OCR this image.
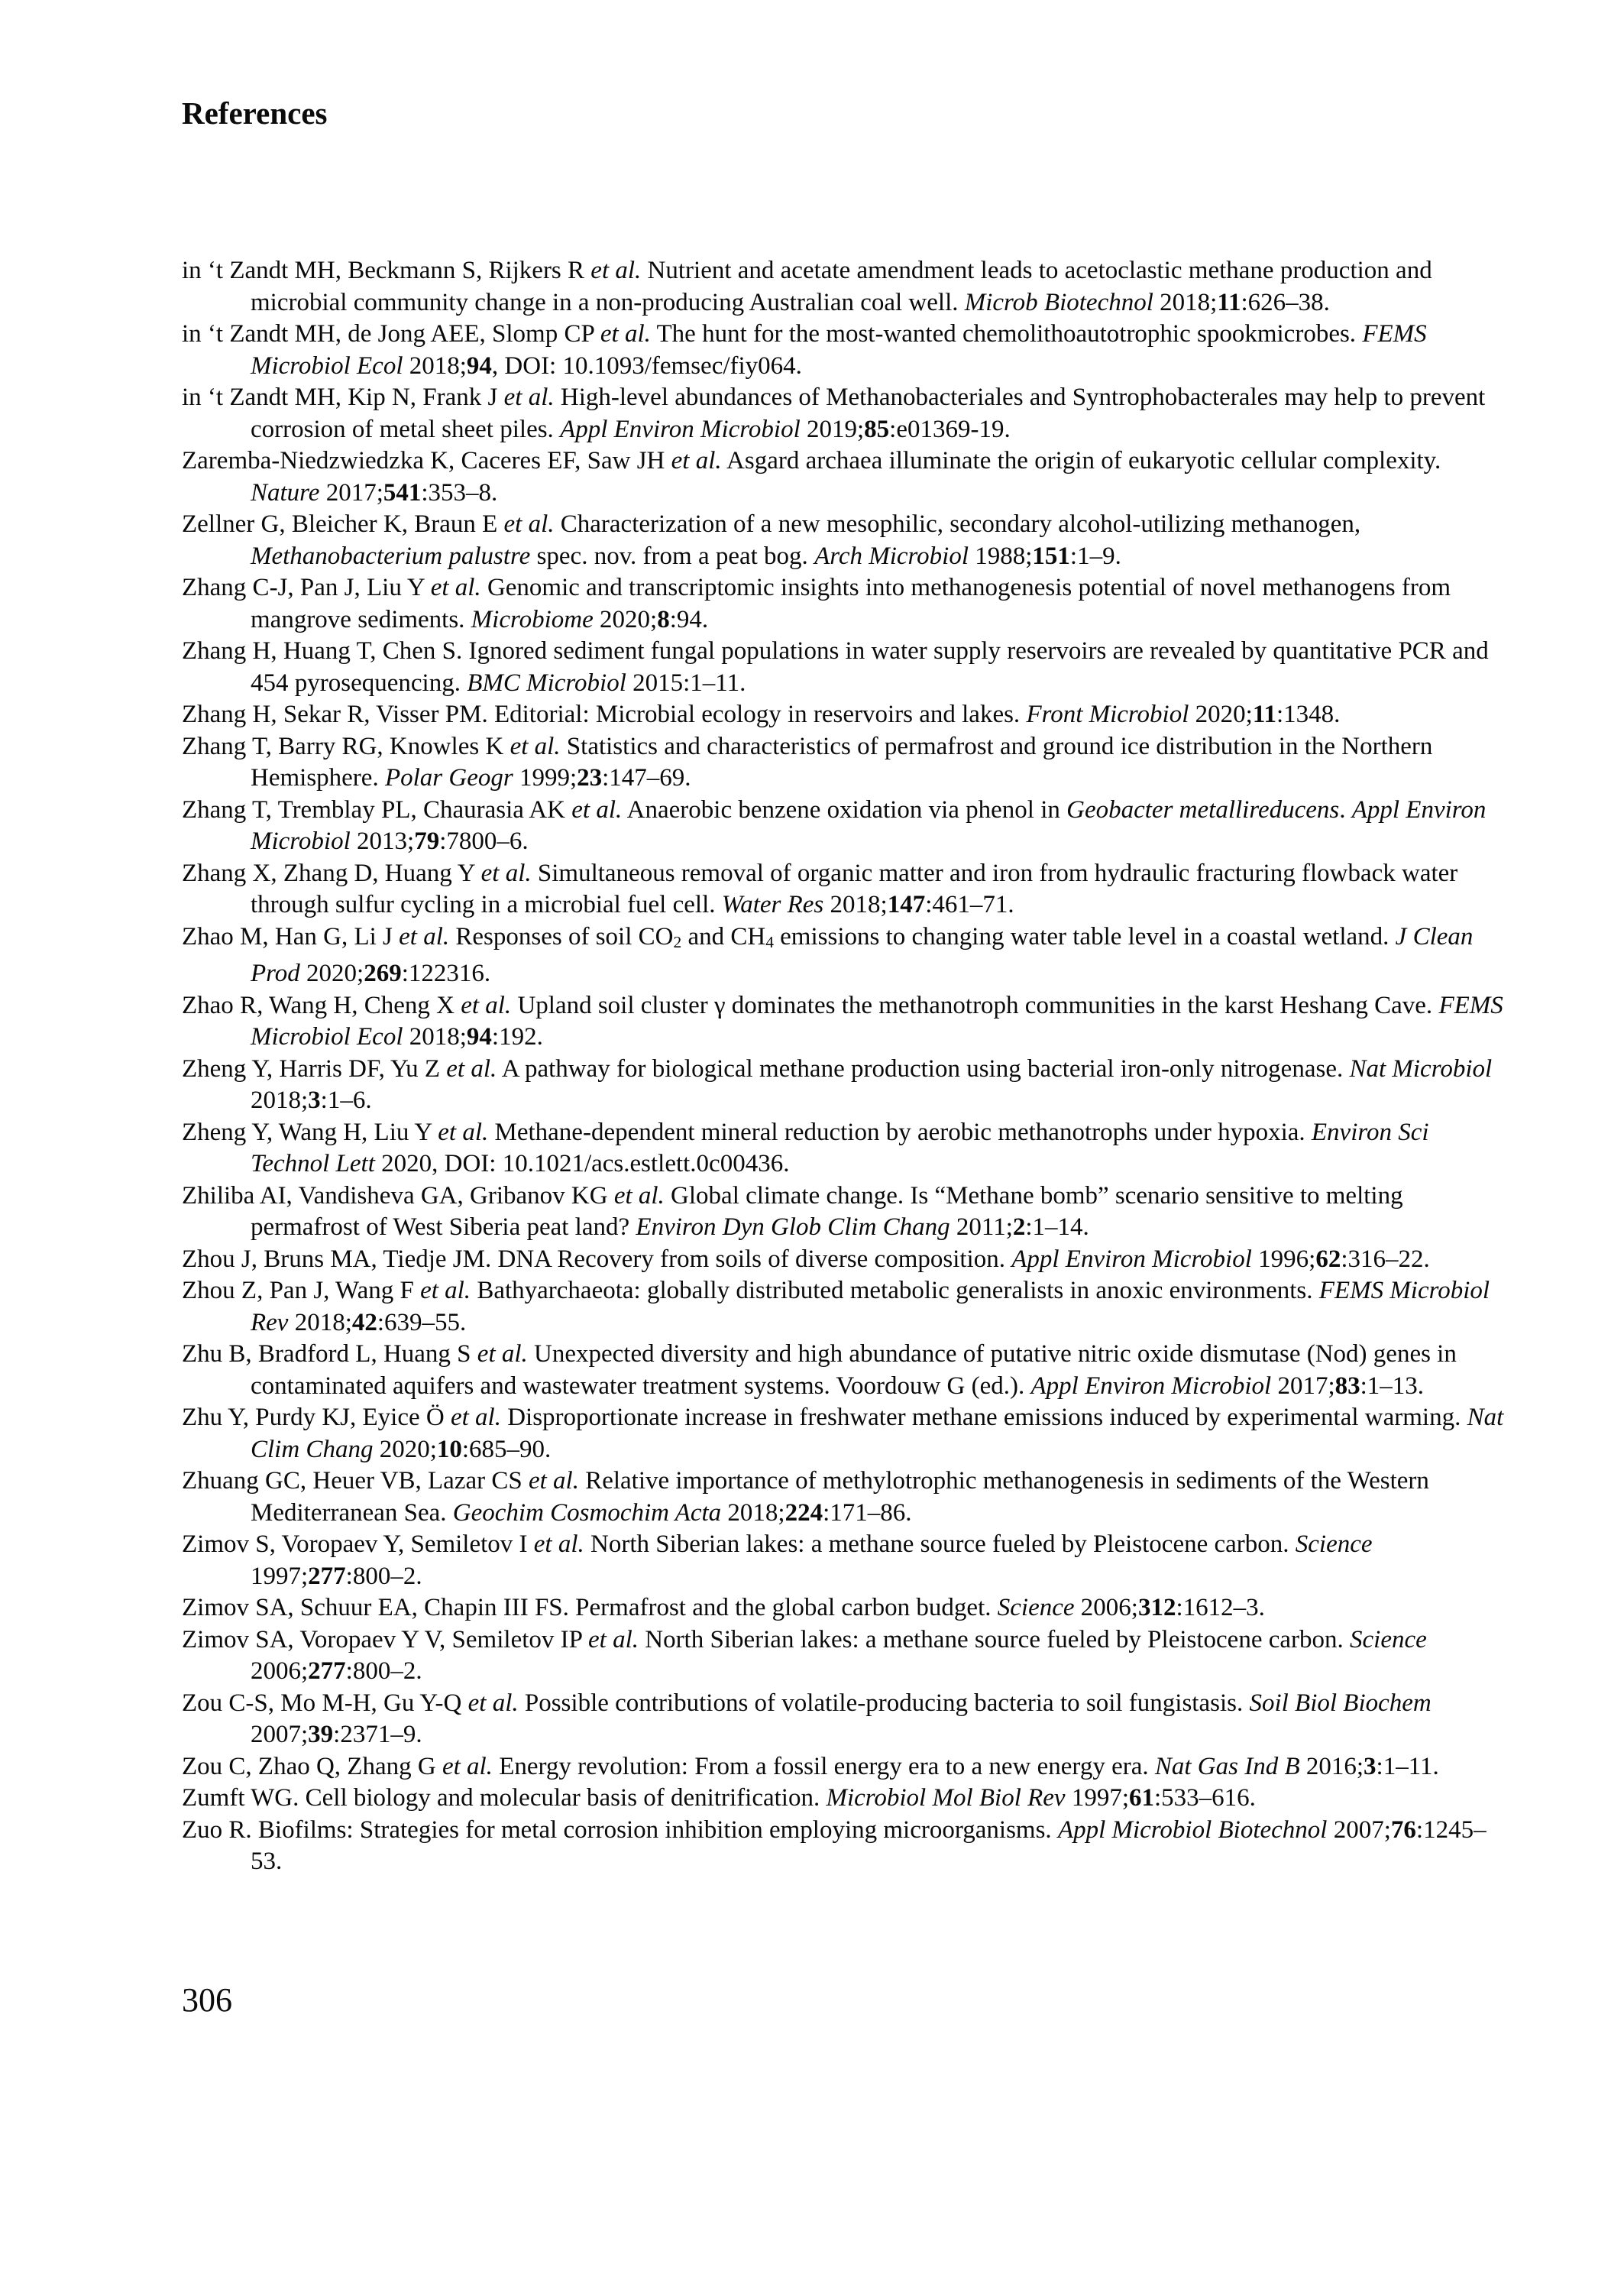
References
in ‘t Zandt MH, Beckmann S, Rijkers R et al. Nutrient and acetate amendment leads to acetoclastic methane production and microbial community change in a non-producing Australian coal well. Microb Biotechnol 2018;11:626–38.
in ‘t Zandt MH, de Jong AEE, Slomp CP et al. The hunt for the most-wanted chemolithoautotrophic spookmicrobes. FEMS Microbiol Ecol 2018;94, DOI: 10.1093/femsec/fiy064.
in ‘t Zandt MH, Kip N, Frank J et al. High-level abundances of Methanobacteriales and Syntrophobacterales may help to prevent corrosion of metal sheet piles. Appl Environ Microbiol 2019;85:e01369-19.
Zaremba-Niedzwiedzka K, Caceres EF, Saw JH et al. Asgard archaea illuminate the origin of eukaryotic cellular complexity. Nature 2017;541:353–8.
Zellner G, Bleicher K, Braun E et al. Characterization of a new mesophilic, secondary alcohol-utilizing methanogen, Methanobacterium palustre spec. nov. from a peat bog. Arch Microbiol 1988;151:1–9.
Zhang C-J, Pan J, Liu Y et al. Genomic and transcriptomic insights into methanogenesis potential of novel methanogens from mangrove sediments. Microbiome 2020;8:94.
Zhang H, Huang T, Chen S. Ignored sediment fungal populations in water supply reservoirs are revealed by quantitative PCR and 454 pyrosequencing. BMC Microbiol 2015:1–11.
Zhang H, Sekar R, Visser PM. Editorial: Microbial ecology in reservoirs and lakes. Front Microbiol 2020;11:1348.
Zhang T, Barry RG, Knowles K et al. Statistics and characteristics of permafrost and ground ice distribution in the Northern Hemisphere. Polar Geogr 1999;23:147–69.
Zhang T, Tremblay PL, Chaurasia AK et al. Anaerobic benzene oxidation via phenol in Geobacter metallireducens. Appl Environ Microbiol 2013;79:7800–6.
Zhang X, Zhang D, Huang Y et al. Simultaneous removal of organic matter and iron from hydraulic fracturing flowback water through sulfur cycling in a microbial fuel cell. Water Res 2018;147:461–71.
Zhao M, Han G, Li J et al. Responses of soil CO2 and CH4 emissions to changing water table level in a coastal wetland. J Clean Prod 2020;269:122316.
Zhao R, Wang H, Cheng X et al. Upland soil cluster γ dominates the methanotroph communities in the karst Heshang Cave. FEMS Microbiol Ecol 2018;94:192.
Zheng Y, Harris DF, Yu Z et al. A pathway for biological methane production using bacterial iron-only nitrogenase. Nat Microbiol 2018;3:1–6.
Zheng Y, Wang H, Liu Y et al. Methane-dependent mineral reduction by aerobic methanotrophs under hypoxia. Environ Sci Technol Lett 2020, DOI: 10.1021/acs.estlett.0c00436.
Zhiliba AI, Vandisheva GA, Gribanov KG et al. Global climate change. Is “Methane bomb” scenario sensitive to melting permafrost of West Siberia peat land? Environ Dyn Glob Clim Chang 2011;2:1–14.
Zhou J, Bruns MA, Tiedje JM. DNA Recovery from soils of diverse composition. Appl Environ Microbiol 1996;62:316–22.
Zhou Z, Pan J, Wang F et al. Bathyarchaeota: globally distributed metabolic generalists in anoxic environments. FEMS Microbiol Rev 2018;42:639–55.
Zhu B, Bradford L, Huang S et al. Unexpected diversity and high abundance of putative nitric oxide dismutase (Nod) genes in contaminated aquifers and wastewater treatment systems. Voordouw G (ed.). Appl Environ Microbiol 2017;83:1–13.
Zhu Y, Purdy KJ, Eyice Ö et al. Disproportionate increase in freshwater methane emissions induced by experimental warming. Nat Clim Chang 2020;10:685–90.
Zhuang GC, Heuer VB, Lazar CS et al. Relative importance of methylotrophic methanogenesis in sediments of the Western Mediterranean Sea. Geochim Cosmochim Acta 2018;224:171–86.
Zimov S, Voropaev Y, Semiletov I et al. North Siberian lakes: a methane source fueled by Pleistocene carbon. Science 1997;277:800–2.
Zimov SA, Schuur EA, Chapin III FS. Permafrost and the global carbon budget. Science 2006;312:1612–3.
Zimov SA, Voropaev Y V, Semiletov IP et al. North Siberian lakes: a methane source fueled by Pleistocene carbon. Science 2006;277:800–2.
Zou C-S, Mo M-H, Gu Y-Q et al. Possible contributions of volatile-producing bacteria to soil fungistasis. Soil Biol Biochem 2007;39:2371–9.
Zou C, Zhao Q, Zhang G et al. Energy revolution: From a fossil energy era to a new energy era. Nat Gas Ind B 2016;3:1–11.
Zumft WG. Cell biology and molecular basis of denitrification. Microbiol Mol Biol Rev 1997;61:533–616.
Zuo R. Biofilms: Strategies for metal corrosion inhibition employing microorganisms. Appl Microbiol Biotechnol 2007;76:1245–53.
306
